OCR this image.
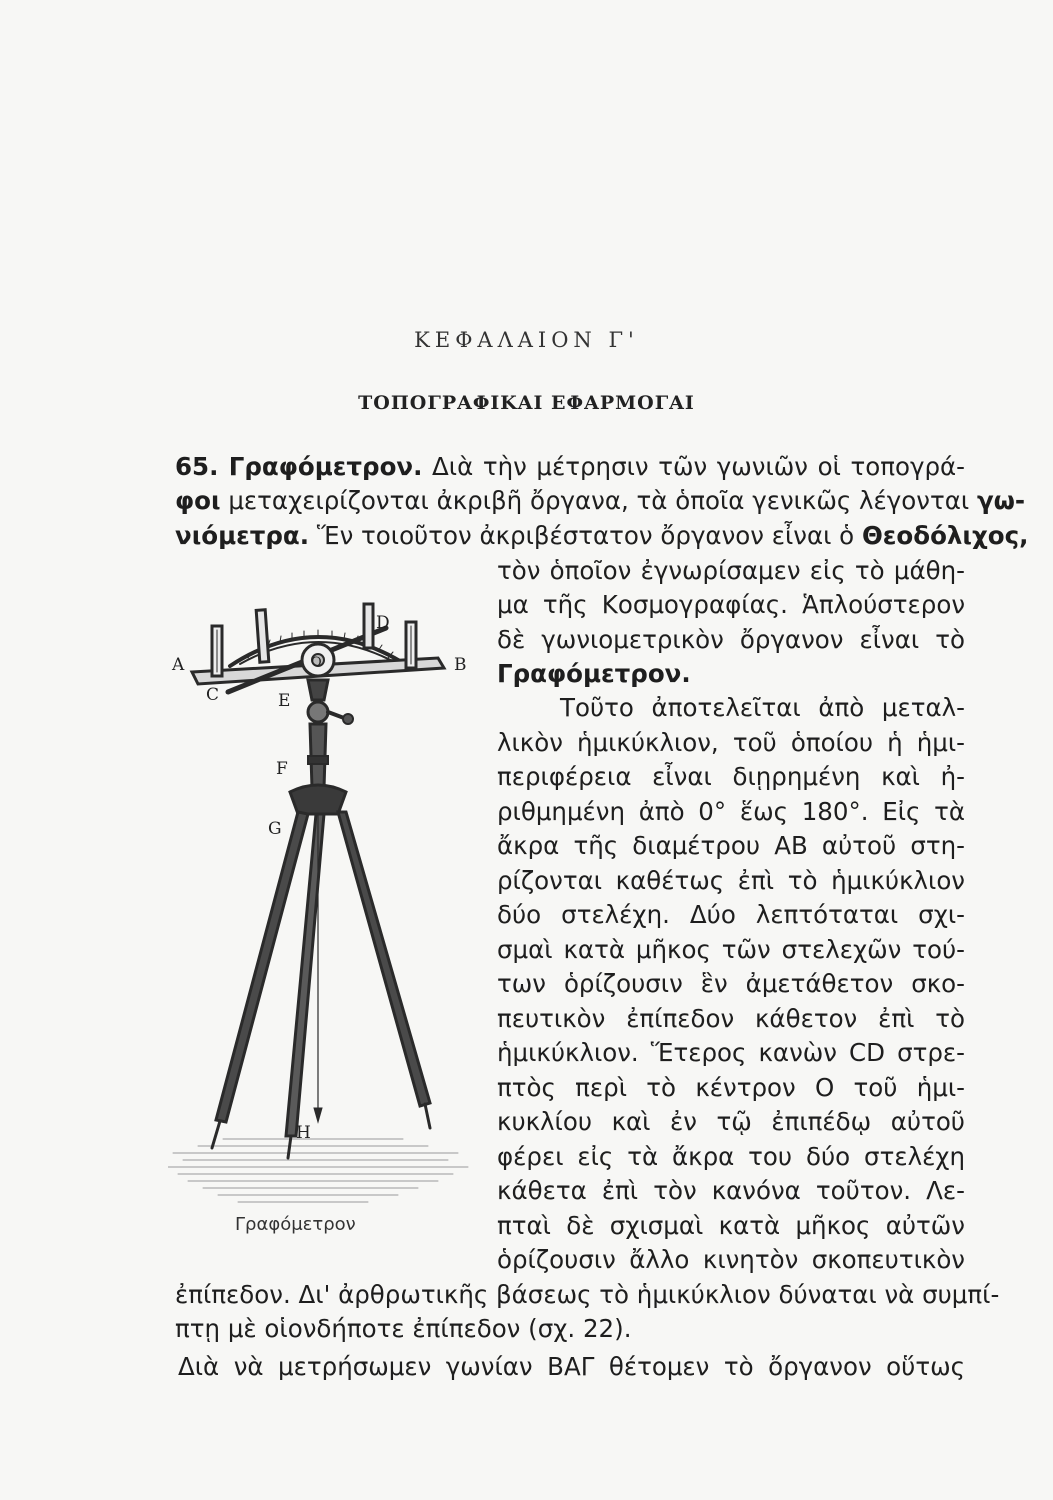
ΚΕΦΑΛΑΙΟΝ Γ'
ΤΟΠΟΓΡΑΦΙΚΑΙ ΕΦΑΡΜΟΓΑΙ
65. Γραφόμετρον. Διὰ τὴν μέτρησιν τῶν γωνιῶν οἱ τοπογρά-
φοι μεταχειρίζονται ἀκριβῆ ὄργανα, τὰ ὁποῖα γενικῶς λέγονται γω-
νιόμετρα. Ἕν τοιοῦτον ἀκριβέστατον ὄργανον εἶναι ὁ Θεοδόλιχος,
τὸν ὁποῖον ἐγνωρίσαμεν εἰς τὸ μάθη-
μα τῆς Κοσμογραφίας. Ἁπλούστερον
δὲ γωνιομετρικὸν ὄργανον εἶναι τὸ
Γραφόμετρον.
Τοῦτο ἀποτελεῖται ἀπὸ μεταλ-
λικὸν ἡμικύκλιον, τοῦ ὁποίου ἡ ἡμι-
περιφέρεια εἶναι διῃρημένη καὶ ἠ-
ριθμημένη ἀπὸ 0° ἕως 180°. Εἰς τὰ
ἄκρα τῆς διαμέτρου ΑΒ αὐτοῦ στη-
ρίζονται καθέτως ἐπὶ τὸ ἡμικύκλιον
δύο στελέχη. Δύο λεπτόταται σχι-
σμαὶ κατὰ μῆκος τῶν στελεχῶν τού-
των ὁρίζουσιν ἓν ἀμετάθετον σκο-
πευτικὸν ἐπίπεδον κάθετον ἐπὶ τὸ
ἡμικύκλιον. Ἕτερος κανὼν CD στρε-
πτὸς περὶ τὸ κέντρον Ο τοῦ ἡμι-
κυκλίου καὶ ἐν τῷ ἐπιπέδῳ αὐτοῦ
φέρει εἰς τὰ ἄκρα του δύο στελέχη
κάθετα ἐπὶ τὸν κανόνα τοῦτον. Λε-
πταὶ δὲ σχισμαὶ κατὰ μῆκος αὐτῶν
ὁρίζουσιν ἄλλο κινητὸν σκοπευτικὸν
ἐπίπεδον. Δι' ἀρθρωτικῆς βάσεως τὸ ἡμικύκλιον δύναται νὰ συμπί-
πτῃ μὲ οἱονδήποτε ἐπίπεδον (σχ. 22).
Διὰ νὰ μετρήσωμεν γωνίαν ΒΑΓ θέτομεν τὸ ὄργανον οὕτως
A	B
C
D
O
E
F
G
H
Γραφόμετρον
